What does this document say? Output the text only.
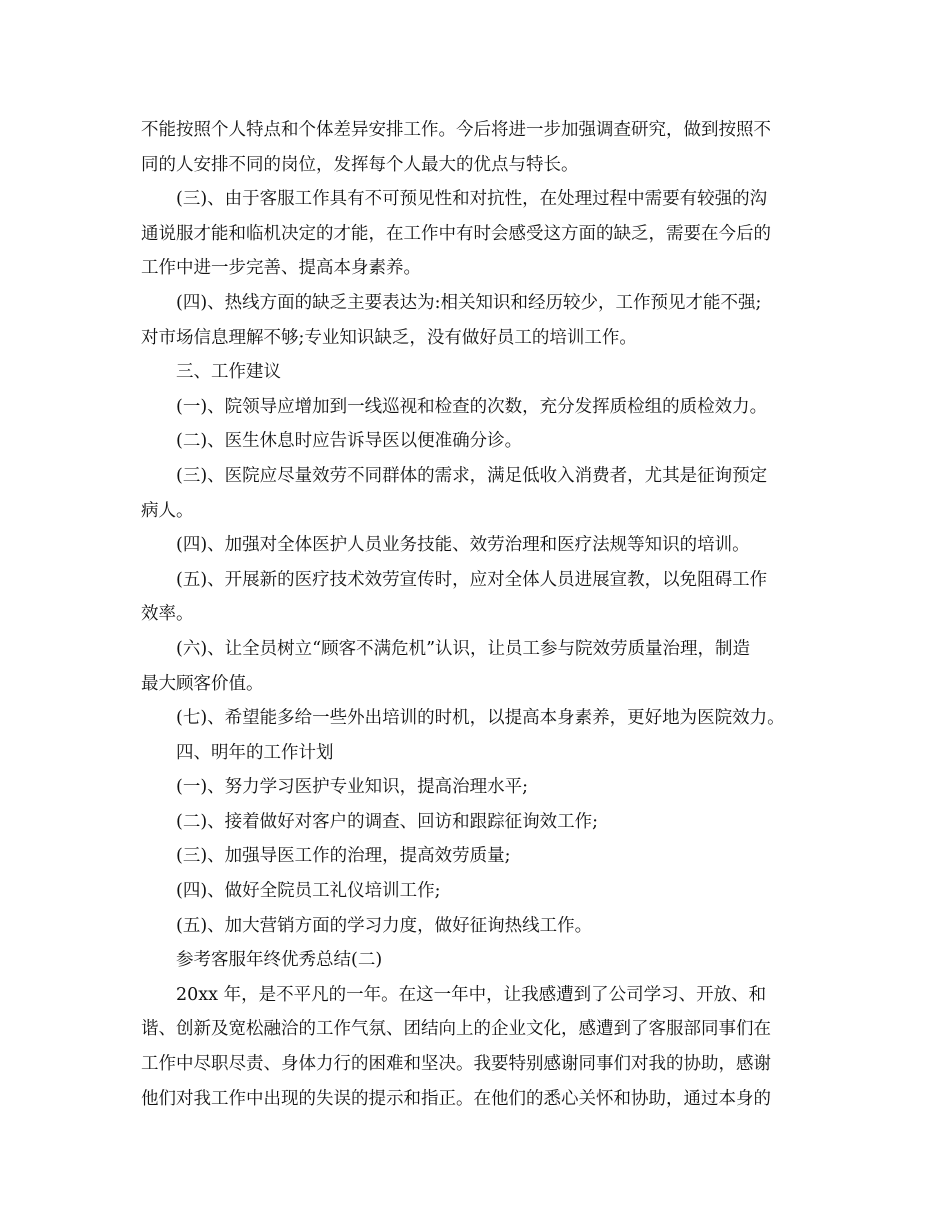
不能按照个人特点和个体差异安排工作。今后将进一步加强调查研究，做到按照不
同的人安排不同的岗位，发挥每个人最大的优点与特长。
(三)、由于客服工作具有不可预见性和对抗性，在处理过程中需要有较强的沟
通说服才能和临机决定的才能，在工作中有时会感受这方面的缺乏，需要在今后的
工作中进一步完善、提高本身素养。
(四)、热线方面的缺乏主要表达为:相关知识和经历较少，工作预见才能不强;
对市场信息理解不够;专业知识缺乏，没有做好员工的培训工作。
三、工作建议
(一)、院领导应增加到一线巡视和检查的次数，充分发挥质检组的质检效力。
(二)、医生休息时应告诉导医以便准确分诊。
(三)、医院应尽量效劳不同群体的需求，满足低收入消费者，尤其是征询预定
病人。
(四)、加强对全体医护人员业务技能、效劳治理和医疗法规等知识的培训。
(五)、开展新的医疗技术效劳宣传时，应对全体人员进展宣教，以免阻碍工作
效率。
(六)、让全员树立“顾客不满危机”认识，让员工参与院效劳质量治理，制造
最大顾客价值。
(七)、希望能多给一些外出培训的时机，以提高本身素养，更好地为医院效力。
四、明年的工作计划
(一)、努力学习医护专业知识，提高治理水平;
(二)、接着做好对客户的调查、回访和跟踪征询效工作;
(三)、加强导医工作的治理，提高效劳质量;
(四)、做好全院员工礼仪培训工作;
(五)、加大营销方面的学习力度，做好征询热线工作。
参考客服年终优秀总结(二)
20xx 年，是不平凡的一年。在这一年中，让我感遭到了公司学习、开放、和
谐、创新及宽松融洽的工作气氛、团结向上的企业文化，感遭到了客服部同事们在
工作中尽职尽责、身体力行的困难和坚决。我要特别感谢同事们对我的协助，感谢
他们对我工作中出现的失误的提示和指正。在他们的悉心关怀和协助，通过本身的
